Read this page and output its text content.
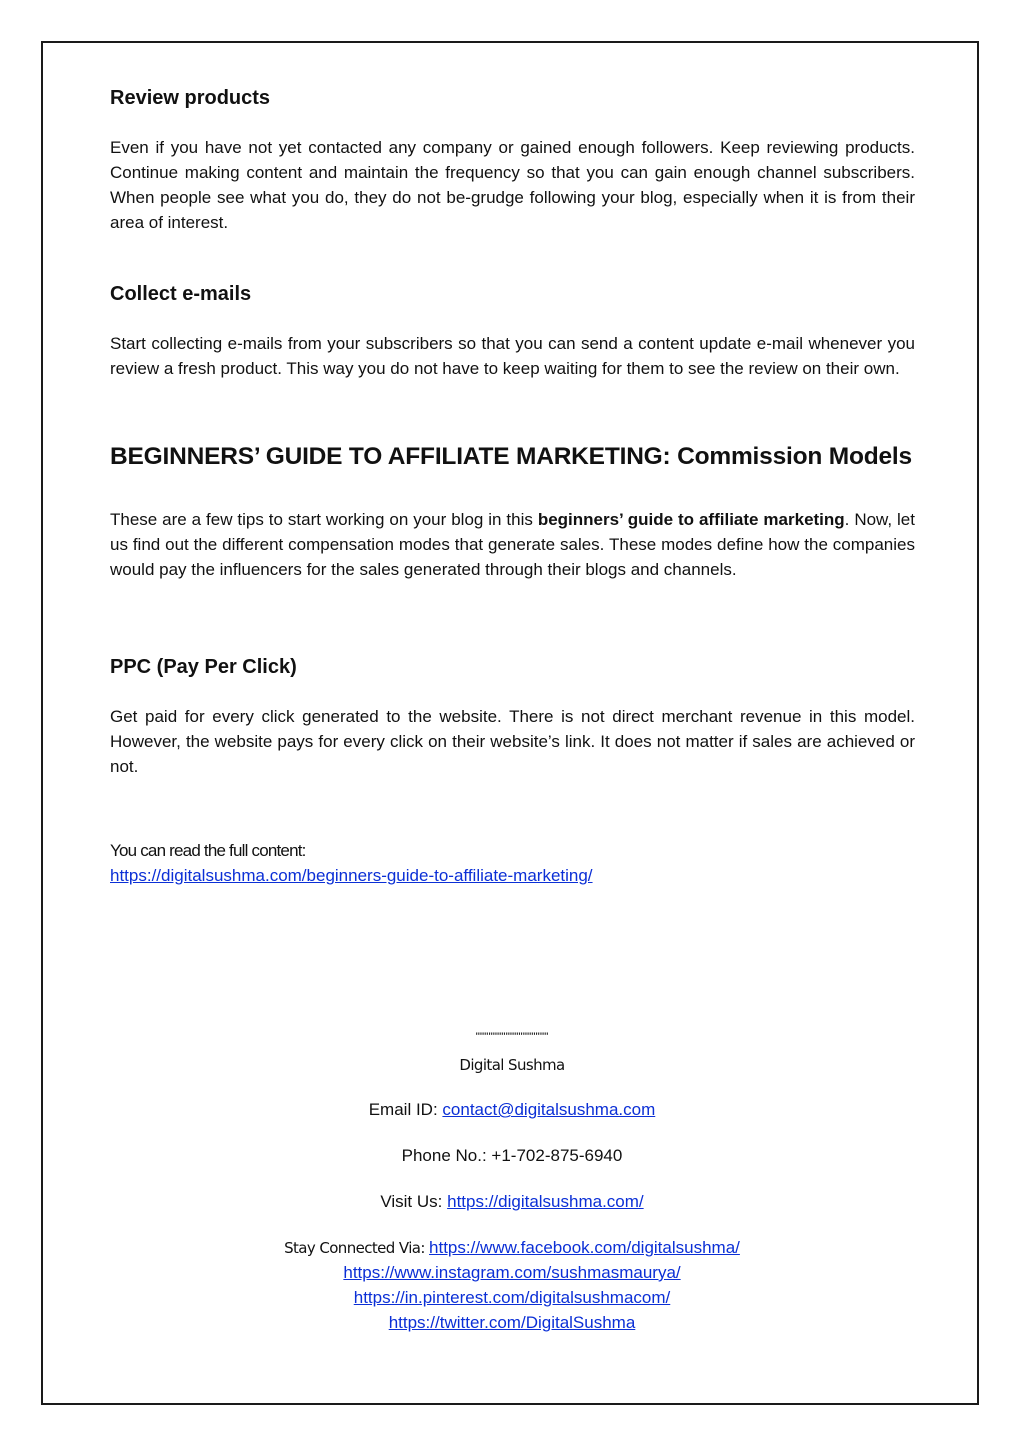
Review products

Even if you have not yet contacted any company or gained enough followers. Keep reviewing products. Continue making content and maintain the frequency so that you can gain enough channel subscribers. When people see what you do, they do not be-grudge following your blog, especially when it is from their area of interest.

Collect e-mails

Start collecting e-mails from your subscribers so that you can send a content update e-mail whenever you review a fresh product. This way you do not have to keep waiting for them to see the review on their own.

BEGINNERS’ GUIDE TO AFFILIATE MARKETING: Commission Models

These are a few tips to start working on your blog in this beginners’ guide to affiliate marketing. Now, let us find out the different compensation modes that generate sales. These modes define how the companies would pay the influencers for the sales generated through their blogs and channels.

PPC (Pay Per Click)

Get paid for every click generated to the website. There is not direct merchant revenue in this model. However, the website pays for every click on their website’s link. It does not matter if sales are achieved or not.

You can read the full content:
https://digitalsushma.com/beginners-guide-to-affiliate-marketing/

''''''''''''''''''''''''''''''''''
Digital Sushma
Email ID: contact@digitalsushma.com
Phone No.: +1-702-875-6940
Visit Us: https://digitalsushma.com/
Stay Connected Via: https://www.facebook.com/digitalsushma/
https://www.instagram.com/sushmasmaurya/
https://in.pinterest.com/digitalsushmacom/
https://twitter.com/DigitalSushma
